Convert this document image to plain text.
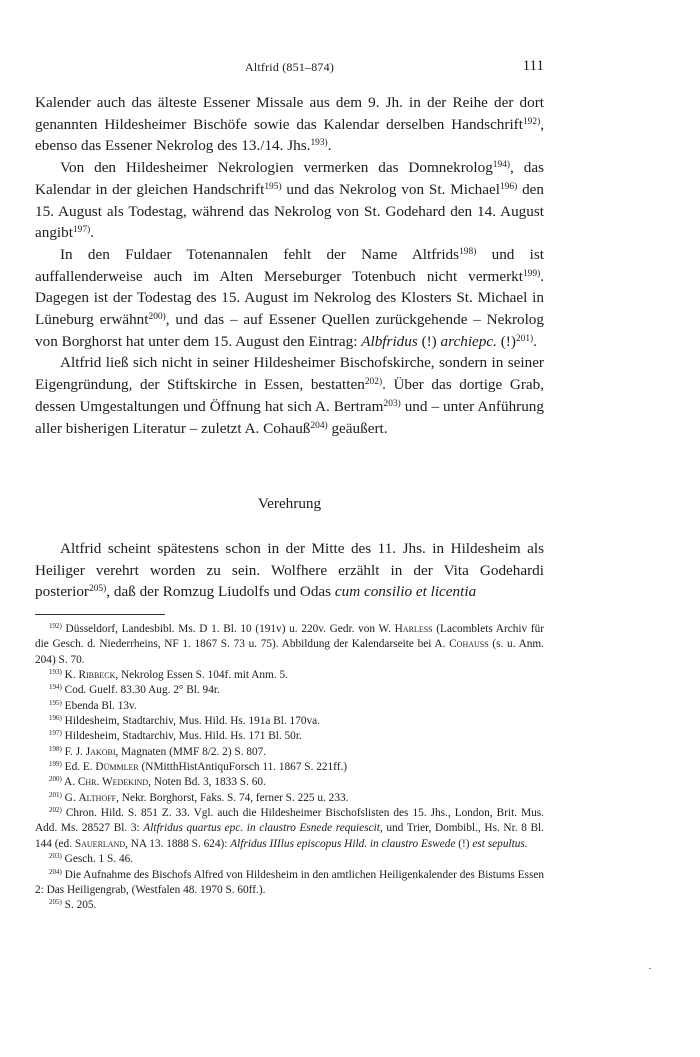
Altfrid (851–874)	111

Kalender auch das älteste Essener Missale aus dem 9. Jh. in der Reihe der dort genannten Hildesheimer Bischöfe sowie das Kalendar derselben Handschrift$^{192)}$, ebenso das Essener Nekrolog des 13./14. Jhs.$^{193)}$.

Von den Hildesheimer Nekrologien vermerken das Domnekrolog$^{194)}$, das Kalendar in der gleichen Handschrift$^{195)}$ und das Nekrolog von St. Michael$^{196)}$ den 15. August als Todestag, während das Nekrolog von St. Godehard den 14. August angibt$^{197)}$.

In den Fuldaer Totenannalen fehlt der Name Altfrids$^{198)}$ und ist auffallenderweise auch im Alten Merseburger Totenbuch nicht vermerkt$^{199)}$. Dagegen ist der Todestag des 15. August im Nekrolog des Klosters St. Michael in Lüneburg erwähnt$^{200)}$, und das – auf Essener Quellen zurückgehende – Nekrolog von Borghorst hat unter dem 15. August den Eintrag: Albfridus (!) archiepc. (!)$^{201)}$.

Altfrid ließ sich nicht in seiner Hildesheimer Bischofskirche, sondern in seiner Eigengründung, der Stiftskirche in Essen, bestatten$^{202)}$. Über das dortige Grab, dessen Umgestaltungen und Öffnung hat sich A. Bertram$^{203)}$ und – unter Anführung aller bisherigen Literatur – zuletzt A. Cohauß$^{204)}$ geäußert.

Verehrung

Altfrid scheint spätestens schon in der Mitte des 11. Jhs. in Hildesheim als Heiliger verehrt worden zu sein. Wolfhere erzählt in der Vita Godehardi posterior$^{205)}$, daß der Romzug Liudolfs und Odas cum consilio et licentia

$^{192)}$ Düsseldorf, Landesbibl. Ms. D 1. Bl. 10 (191v) u. 220v. Gedr. von W. Harless (Lacomblets Archiv für die Gesch. d. Niederrheins, NF 1. 1867 S. 73 u. 75). Abbildung der Kalendarseite bei A. Cohauss (s. u. Anm. 204) S. 70.

$^{193)}$ K. Ribbeck, Nekrolog Essen S. 104f. mit Anm. 5.

$^{194)}$ Cod. Guelf. 83.30 Aug. 2° Bl. 94r.

$^{195)}$ Ebenda Bl. 13v.

$^{196)}$ Hildesheim, Stadtarchiv, Mus. Hild. Hs. 191a Bl. 170va.

$^{197)}$ Hildesheim, Stadtarchiv, Mus. Hild. Hs. 171 Bl. 50r.

$^{198)}$ F. J. Jakobi, Magnaten (MMF 8/2. 2) S. 807.

$^{199)}$ Ed. E. Dümmler (NMitthHistAntiquForsch 11. 1867 S. 221ff.)

$^{200)}$ A. Chr. Wedekind, Noten Bd. 3, 1833 S. 60.

$^{201)}$ G. Althoff, Nekr. Borghorst, Faks. S. 74, ferner S. 225 u. 233.

$^{202)}$ Chron. Hild. S. 851 Z. 33. Vgl. auch die Hildesheimer Bischofslisten des 15. Jhs., London, Brit. Mus. Add. Ms. 28527 Bl. 3: Altfridus quartus epc. in claustro Esnede requiescit, und Trier, Dombibl., Hs. Nr. 8 Bl. 144 (ed. Sauerland, NA 13. 1888 S. 624): Alfridus IIIlus episcopus Hild. in claustro Eswede (!) est sepultus.

$^{203)}$ Gesch. 1 S. 46.

$^{204)}$ Die Aufnahme des Bischofs Alfred von Hildesheim in den amtlichen Heiligenkalender des Bistums Essen 2: Das Heiligengrab, (Westfalen 48. 1970 S. 60ff.).

$^{205)}$ S. 205.
